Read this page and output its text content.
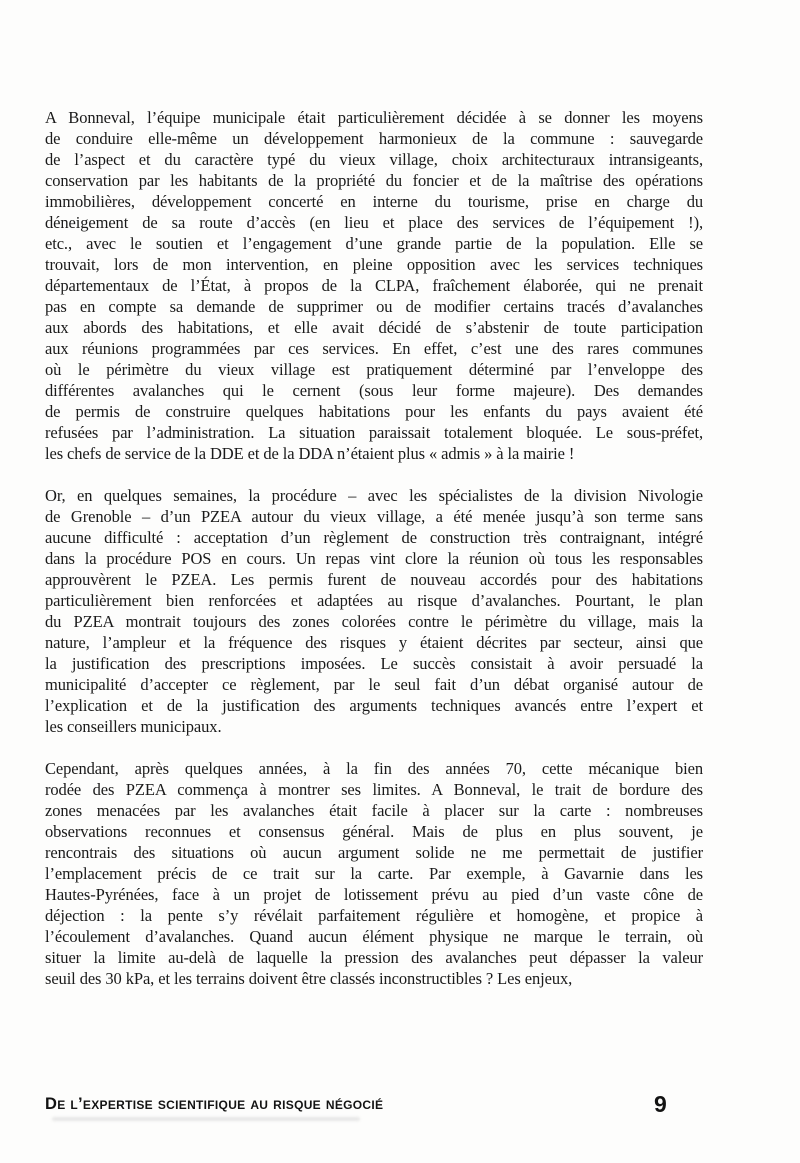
A Bonneval, l’équipe municipale était particulièrement décidée à se donner les moyens
de conduire elle-même un développement harmonieux de la commune : sauvegarde
de l’aspect et du caractère typé du vieux village, choix architecturaux intransigeants,
conservation par les habitants de la propriété du foncier et de la maîtrise des opérations
immobilières, développement concerté en interne du tourisme, prise en charge du
déneigement de sa route d’accès (en lieu et place des services de l’équipement !),
etc., avec le soutien et l’engagement d’une grande partie de la population. Elle se
trouvait, lors de mon intervention, en pleine opposition avec les services techniques
départementaux de l’État, à propos de la CLPA, fraîchement élaborée, qui ne prenait
pas en compte sa demande de supprimer ou de modifier certains tracés d’avalanches
aux abords des habitations, et elle avait décidé de s’abstenir de toute participation
aux réunions programmées par ces services. En effet, c’est une des rares communes
où le périmètre du vieux village est pratiquement déterminé par l’enveloppe des
différentes avalanches qui le cernent (sous leur forme majeure). Des demandes
de permis de construire quelques habitations pour les enfants du pays avaient été
refusées par l’administration. La situation paraissait totalement bloquée. Le sous-préfet,
les chefs de service de la DDE et de la DDA n’étaient plus « admis » à la mairie !
Or, en quelques semaines, la procédure – avec les spécialistes de la division Nivologie
de Grenoble – d’un PZEA autour du vieux village, a été menée jusqu’à son terme sans
aucune difficulté : acceptation d’un règlement de construction très contraignant, intégré
dans la procédure POS en cours. Un repas vint clore la réunion où tous les responsables
approuvèrent le PZEA. Les permis furent de nouveau accordés pour des habitations
particulièrement bien renforcées et adaptées au risque d’avalanches. Pourtant, le plan
du PZEA montrait toujours des zones colorées contre le périmètre du village, mais la
nature, l’ampleur et la fréquence des risques y étaient décrites par secteur, ainsi que
la justification des prescriptions imposées. Le succès consistait à avoir persuadé la
municipalité d’accepter ce règlement, par le seul fait d’un débat organisé autour de
l’explication et de la justification des arguments techniques avancés entre l’expert et
les conseillers municipaux.
Cependant, après quelques années, à la fin des années 70, cette mécanique bien
rodée des PZEA commença à montrer ses limites. A Bonneval, le trait de bordure des
zones menacées par les avalanches était facile à placer sur la carte : nombreuses
observations reconnues et consensus général. Mais de plus en plus souvent, je
rencontrais des situations où aucun argument solide ne me permettait de justifier
l’emplacement précis de ce trait sur la carte. Par exemple, à Gavarnie dans les
Hautes-Pyrénées, face à un projet de lotissement prévu au pied d’un vaste cône de
déjection : la pente s’y révélait parfaitement régulière et homogène, et propice à
l’écoulement d’avalanches. Quand aucun élément physique ne marque le terrain, où
situer la limite au-delà de laquelle la pression des avalanches peut dépasser la valeur
seuil des 30 kPa, et les terrains doivent être classés inconstructibles ? Les enjeux,
De l’expertise scientifique au risque négocié	9
